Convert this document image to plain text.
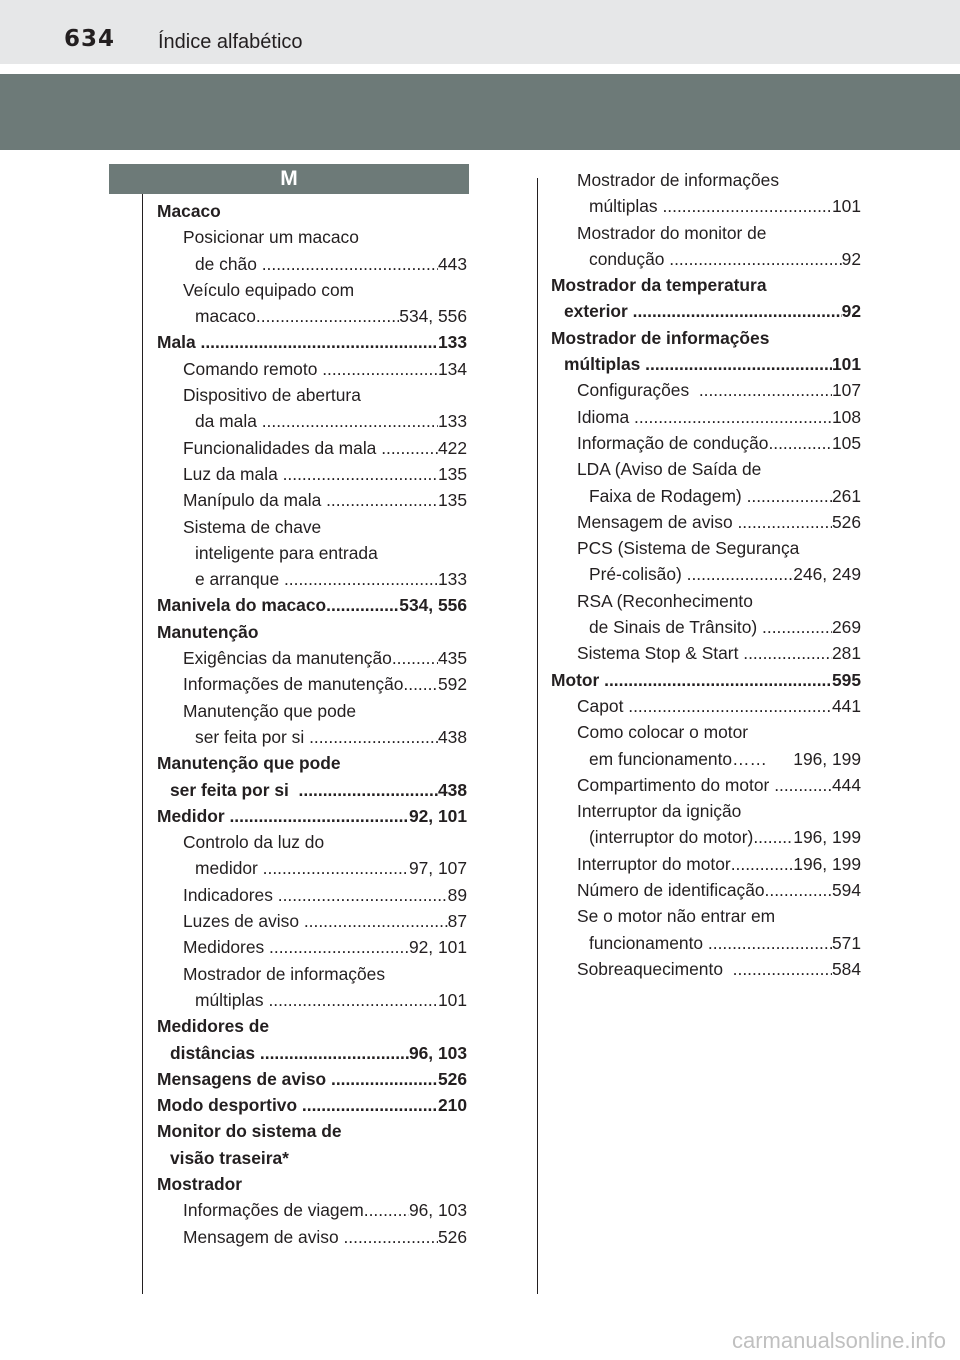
634 Índice alfabético
M
Macaco
Posicionar um macaco
de chão .....	443
Veículo equipado com
macaco .....	534, 556
Mala .....	133
Comando remoto .....	134
Dispositivo de abertura
da mala .....	133
Funcionalidades da mala .....	422
Luz da mala .....	135
Manípulo da mala .....	135
Sistema de chave
inteligente para entrada
e arranque .....	133
Manivela do macaco .....	534, 556
Manutenção
Exigências da manutenção .....	435
Informações de manutenção ..... 592
Manutenção que pode
ser feita por si .....	438
Manutenção que pode
ser feita por si .....	438
Medidor .....	92, 101
Controlo da luz do
medidor .....	97, 107
Indicadores .....	89
Luzes de aviso .....	87
Medidores .....	92, 101
Mostrador de informações
múltiplas .....	101
Medidores de
distâncias .....	96, 103
Mensagens de aviso .....	526
Modo desportivo .....	210
Monitor do sistema de
visão traseira*
Mostrador
Informações de viagem .....	96, 103
Mensagem de aviso .....	526
Mostrador de informações
múltiplas .....	101
Mostrador do monitor de
condução .....	92
Mostrador da temperatura
exterior .....	92
Mostrador de informações
múltiplas .....	101
Configurações .....	107
Idioma .....	108
Informação de condução .....	105
LDA (Aviso de Saída de
Faixa de Rodagem) .....	261
Mensagem de aviso .....	526
PCS (Sistema de Segurança
Pré-colisão) .....	246, 249
RSA (Reconhecimento
de Sinais de Trânsito) .....	269
Sistema Stop & Start .....	281
Motor .....	595
Capot .....	441
Como colocar o motor
em funcionamento…… 196, 199
Compartimento do motor .....	444
Interruptor da ignição
(interruptor do motor) ..... 196, 199
Interruptor do motor .....	196, 199
Número de identificação .....	594
Se o motor não entrar em
funcionamento .....	571
Sobreaquecimento .....	584
carmanualsonline.info
